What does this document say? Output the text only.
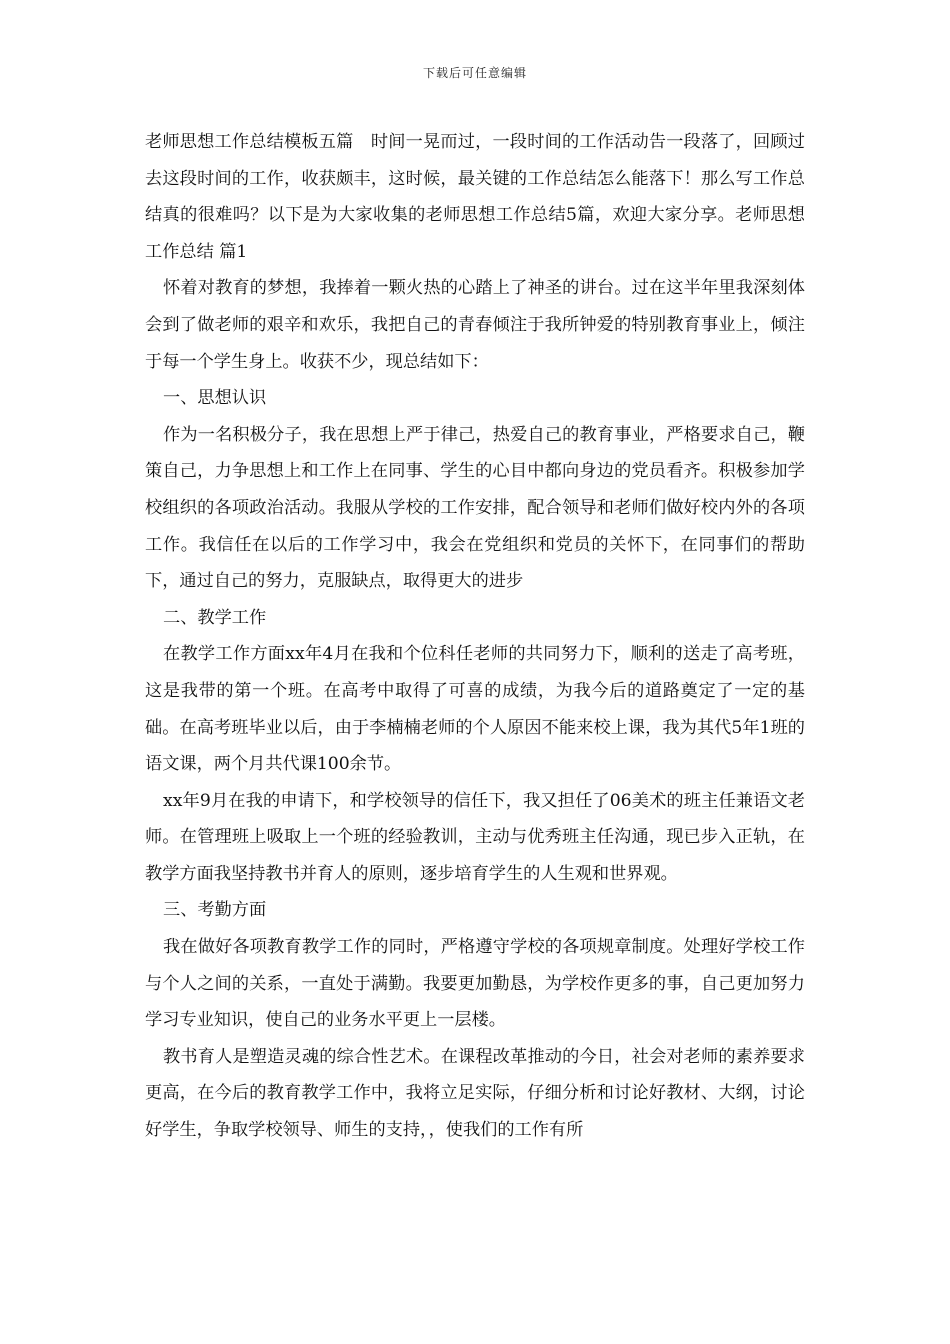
下载后可任意编辑

老师思想工作总结模板五篇　时间一晃而过，一段时间的工作活动告一段落了，回顾过去这段时间的工作，收获颇丰，这时候，最关键的工作总结怎么能落下！那么写工作总结真的很难吗？以下是为大家收集的老师思想工作总结5篇，欢迎大家分享。老师思想工作总结 篇1

怀着对教育的梦想，我捧着一颗火热的心踏上了神圣的讲台。过在这半年里我深刻体会到了做老师的艰辛和欢乐，我把自己的青春倾注于我所钟爱的特别教育事业上，倾注于每一个学生身上。收获不少，现总结如下：

一、思想认识

作为一名积极分子，我在思想上严于律己，热爱自己的教育事业，严格要求自己，鞭策自己，力争思想上和工作上在同事、学生的心目中都向身边的党员看齐。积极参加学校组织的各项政治活动。我服从学校的工作安排，配合领导和老师们做好校内外的各项工作。我信任在以后的工作学习中，我会在党组织和党员的关怀下，在同事们的帮助下，通过自己的努力，克服缺点，取得更大的进步

二、教学工作

在教学工作方面xx年4月在我和个位科任老师的共同努力下，顺利的送走了高考班，这是我带的第一个班。在高考中取得了可喜的成绩，为我今后的道路奠定了一定的基础。在高考班毕业以后，由于李楠楠老师的个人原因不能来校上课，我为其代5年1班的语文课，两个月共代课100余节。

xx年9月在我的申请下，和学校领导的信任下，我又担任了06美术的班主任兼语文老师。在管理班上吸取上一个班的经验教训，主动与优秀班主任沟通，现已步入正轨，在教学方面我坚持教书并育人的原则，逐步培育学生的人生观和世界观。

三、考勤方面

我在做好各项教育教学工作的同时，严格遵守学校的各项规章制度。处理好学校工作与个人之间的关系，一直处于满勤。我要更加勤恳，为学校作更多的事，自己更加努力学习专业知识，使自己的业务水平更上一层楼。

教书育人是塑造灵魂的综合性艺术。在课程改革推动的今日，社会对老师的素养要求更高，在今后的教育教学工作中，我将立足实际，仔细分析和讨论好教材、大纲，讨论好学生，争取学校领导、师生的支持，，使我们的工作有所
